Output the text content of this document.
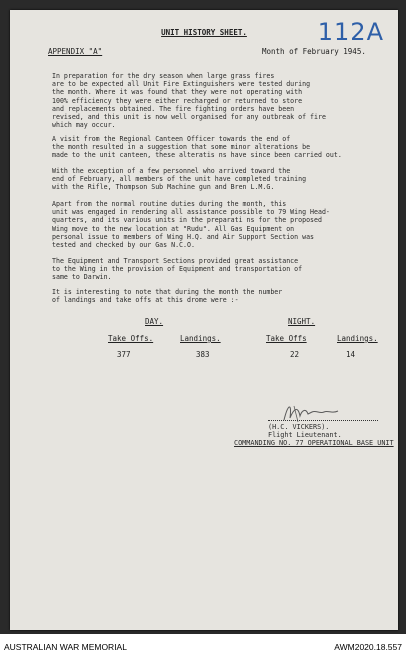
112A
UNIT HISTORY SHEET.
APPENDIX "A"	Month of February 1945.
In preparation for the dry season when large grass fires
are to be expected all Unit Fire Extinguishers were tested during
the month. Where it was found that they were not operating with
100% efficiency they were either recharged or returned to store
and replacements obtained. The fire fighting orders have been
revised, and this unit is now well organised for any outbreak of fire
which may occur.
A visit from the Regional Canteen Officer towards the end of
the month resulted in a suggestion that some minor alterations be
made to the unit canteen, these alteratis ns have since been carried out.
With the exception of a few personnel who arrived toward the
end of February, all members of the unit have completed training
with the Rifle, Thompson Sub Machine gun and Bren L.M.G.
Apart from the normal routine duties during the month, this
unit was engaged in rendering all assistance possible to 79 Wing Head-
quarters, and its various units in the preparati ns for the proposed
Wing move to the new location at "Rudu". All Gas Equipment on
personal issue to members of Wing H.Q. and Air Support Section was
tested and checked by our Gas N.C.O.
The Equipment and Transport Sections provided great assistance
to the Wing in the provision of Equipment and transportation of
same to Darwin.
It is interesting to note that during the month the number
of landings and take offs at this drome were :-
DAY.	NIGHT.
Take Offs.	Landings.	Take Offs	Landings.
377	383	22	14
(H.C. VICKERS).
Flight Lieutenant.
COMMANDING NO. 77 OPERATIONAL BASE UNIT
AUSTRALIAN WAR MEMORIAL	AWM2020.18.557
